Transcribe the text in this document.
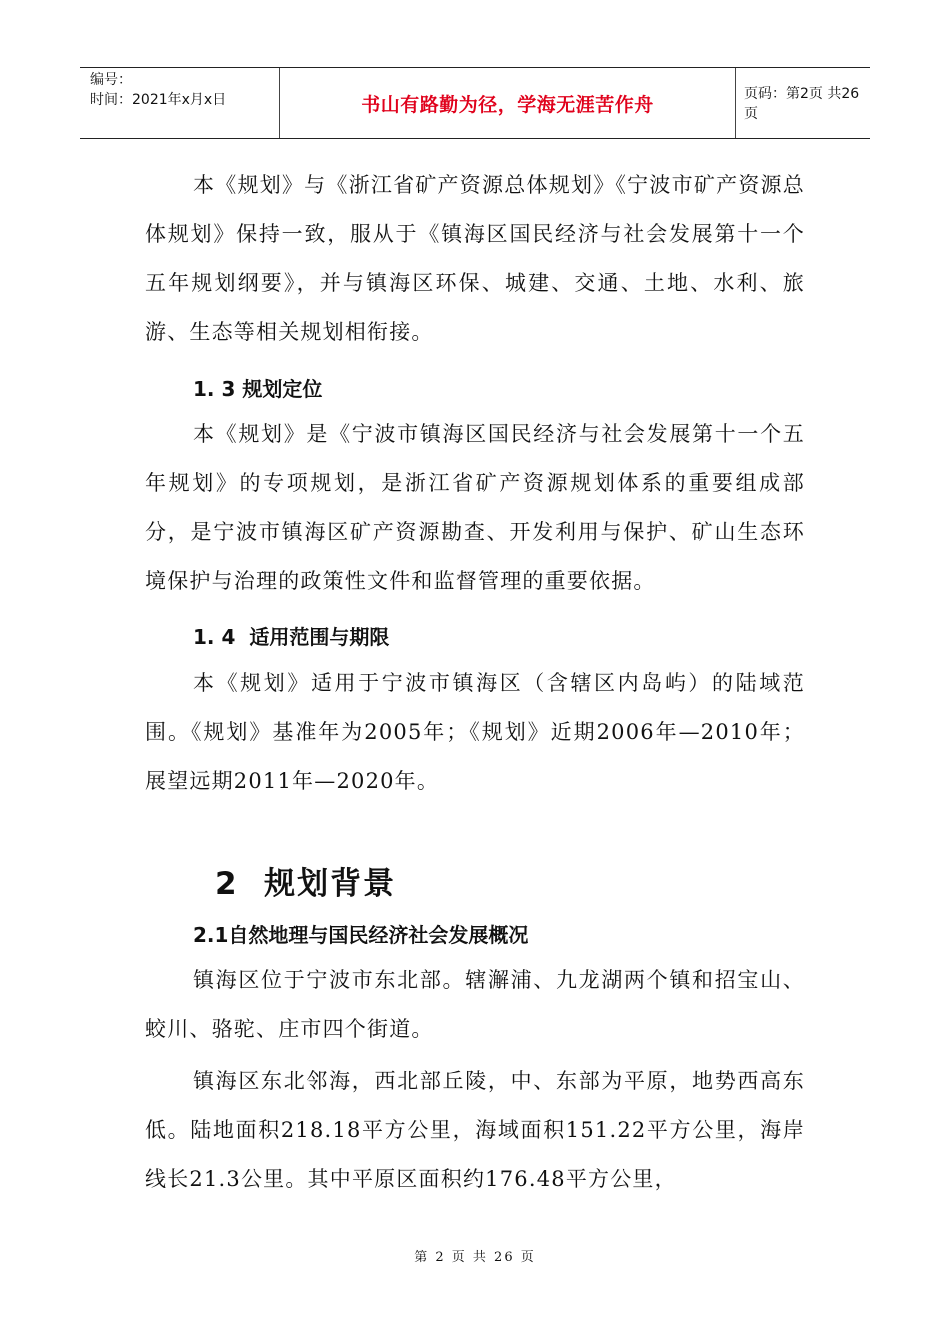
编号：
时间：2021年x月x日	书山有路勤为径，学海无涯苦作舟	页码：第2页 共26页

本《规划》与《浙江省矿产资源总体规划》《宁波市矿产资源总体规划》保持一致，服从于《镇海区国民经济与社会发展第十一个五年规划纲要》，并与镇海区环保、城建、交通、土地、水利、旅游、生态等相关规划相衔接。

1. 3 规划定位

本《规划》是《宁波市镇海区国民经济与社会发展第十一个五年规划》的专项规划，是浙江省矿产资源规划体系的重要组成部分，是宁波市镇海区矿产资源勘查、开发利用与保护、矿山生态环境保护与治理的政策性文件和监督管理的重要依据。

1. 4  适用范围与期限

本《规划》适用于宁波市镇海区（含辖区内岛屿）的陆域范围。《规划》基准年为2005年；《规划》近期2006年—2010年；展望远期2011年—2020年。

2  规划背景
2.1自然地理与国民经济社会发展概况

镇海区位于宁波市东北部。辖澥浦、九龙湖两个镇和招宝山、蛟川、骆驼、庄市四个街道。

镇海区东北邻海，西北部丘陵，中、东部为平原，地势西高东低。陆地面积218.18平方公里，海域面积151.22平方公里，海岸线长21.3公里。其中平原区面积约176.48平方公里，

第 2 页 共 26 页
